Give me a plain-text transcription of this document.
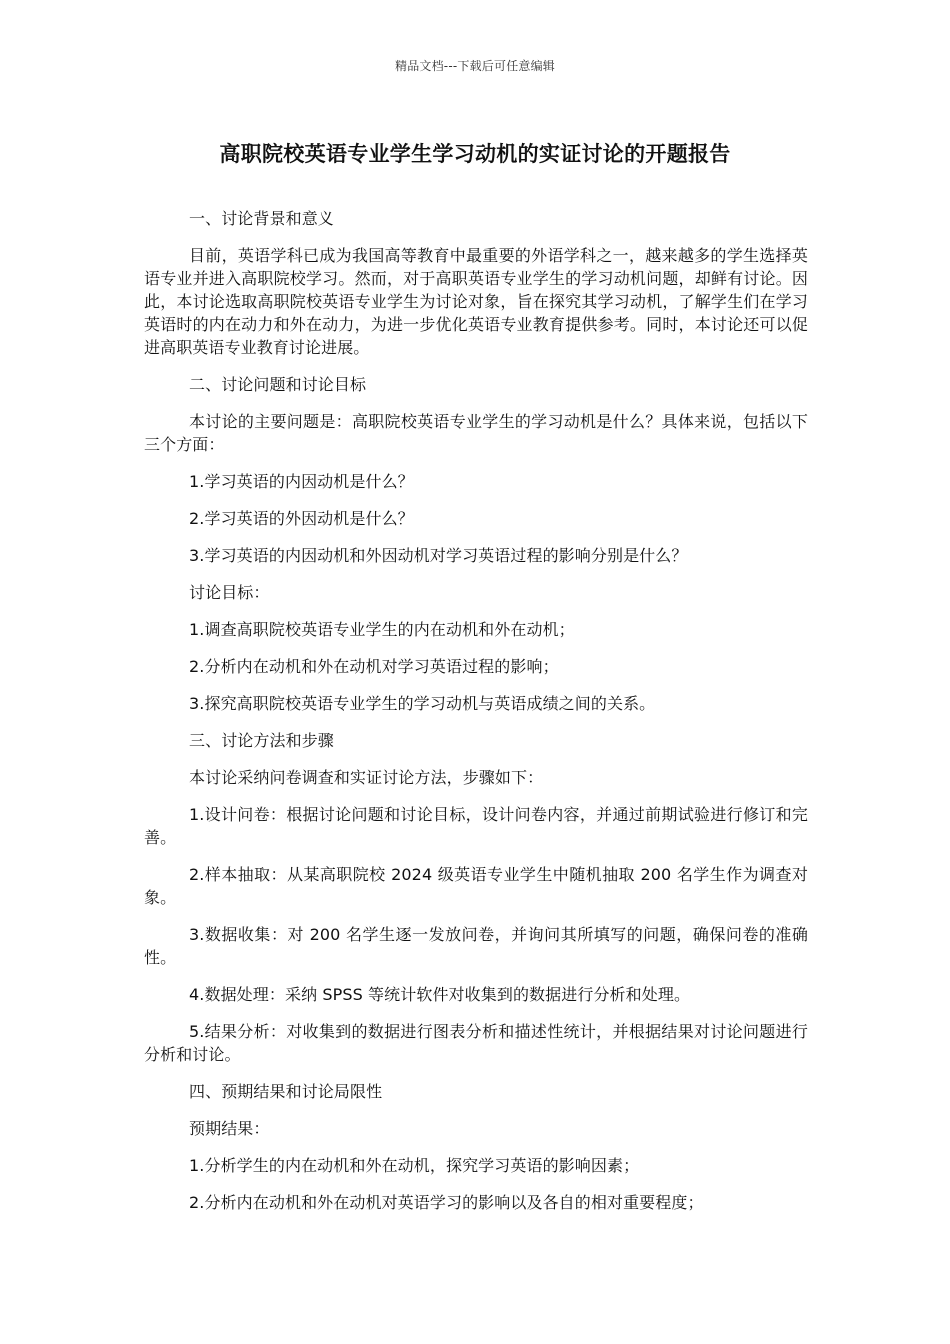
精品文档---下载后可任意编辑
高职院校英语专业学生学习动机的实证讨论的开题报告

一、讨论背景和意义

目前，英语学科已成为我国高等教育中最重要的外语学科之一，越来越多的学生选择英语专业并进入高职院校学习。然而，对于高职英语专业学生的学习动机问题，却鲜有讨论。因此，本讨论选取高职院校英语专业学生为讨论对象，旨在探究其学习动机，了解学生们在学习英语时的内在动力和外在动力，为进一步优化英语专业教育提供参考。同时，本讨论还可以促进高职英语专业教育讨论进展。

二、讨论问题和讨论目标

本讨论的主要问题是：高职院校英语专业学生的学习动机是什么？具体来说，包括以下三个方面：

1.学习英语的内因动机是什么？

2.学习英语的外因动机是什么？

3.学习英语的内因动机和外因动机对学习英语过程的影响分别是什么？

讨论目标：

1.调查高职院校英语专业学生的内在动机和外在动机；

2.分析内在动机和外在动机对学习英语过程的影响；

3.探究高职院校英语专业学生的学习动机与英语成绩之间的关系。

三、讨论方法和步骤

本讨论采纳问卷调查和实证讨论方法，步骤如下：

1.设计问卷：根据讨论问题和讨论目标，设计问卷内容，并通过前期试验进行修订和完善。

2.样本抽取：从某高职院校 2024 级英语专业学生中随机抽取 200 名学生作为调查对象。

3.数据收集：对 200 名学生逐一发放问卷，并询问其所填写的问题，确保问卷的准确性。

4.数据处理：采纳 SPSS 等统计软件对收集到的数据进行分析和处理。

5.结果分析：对收集到的数据进行图表分析和描述性统计，并根据结果对讨论问题进行分析和讨论。

四、预期结果和讨论局限性

预期结果：

1.分析学生的内在动机和外在动机，探究学习英语的影响因素；

2.分析内在动机和外在动机对英语学习的影响以及各自的相对重要程度；
